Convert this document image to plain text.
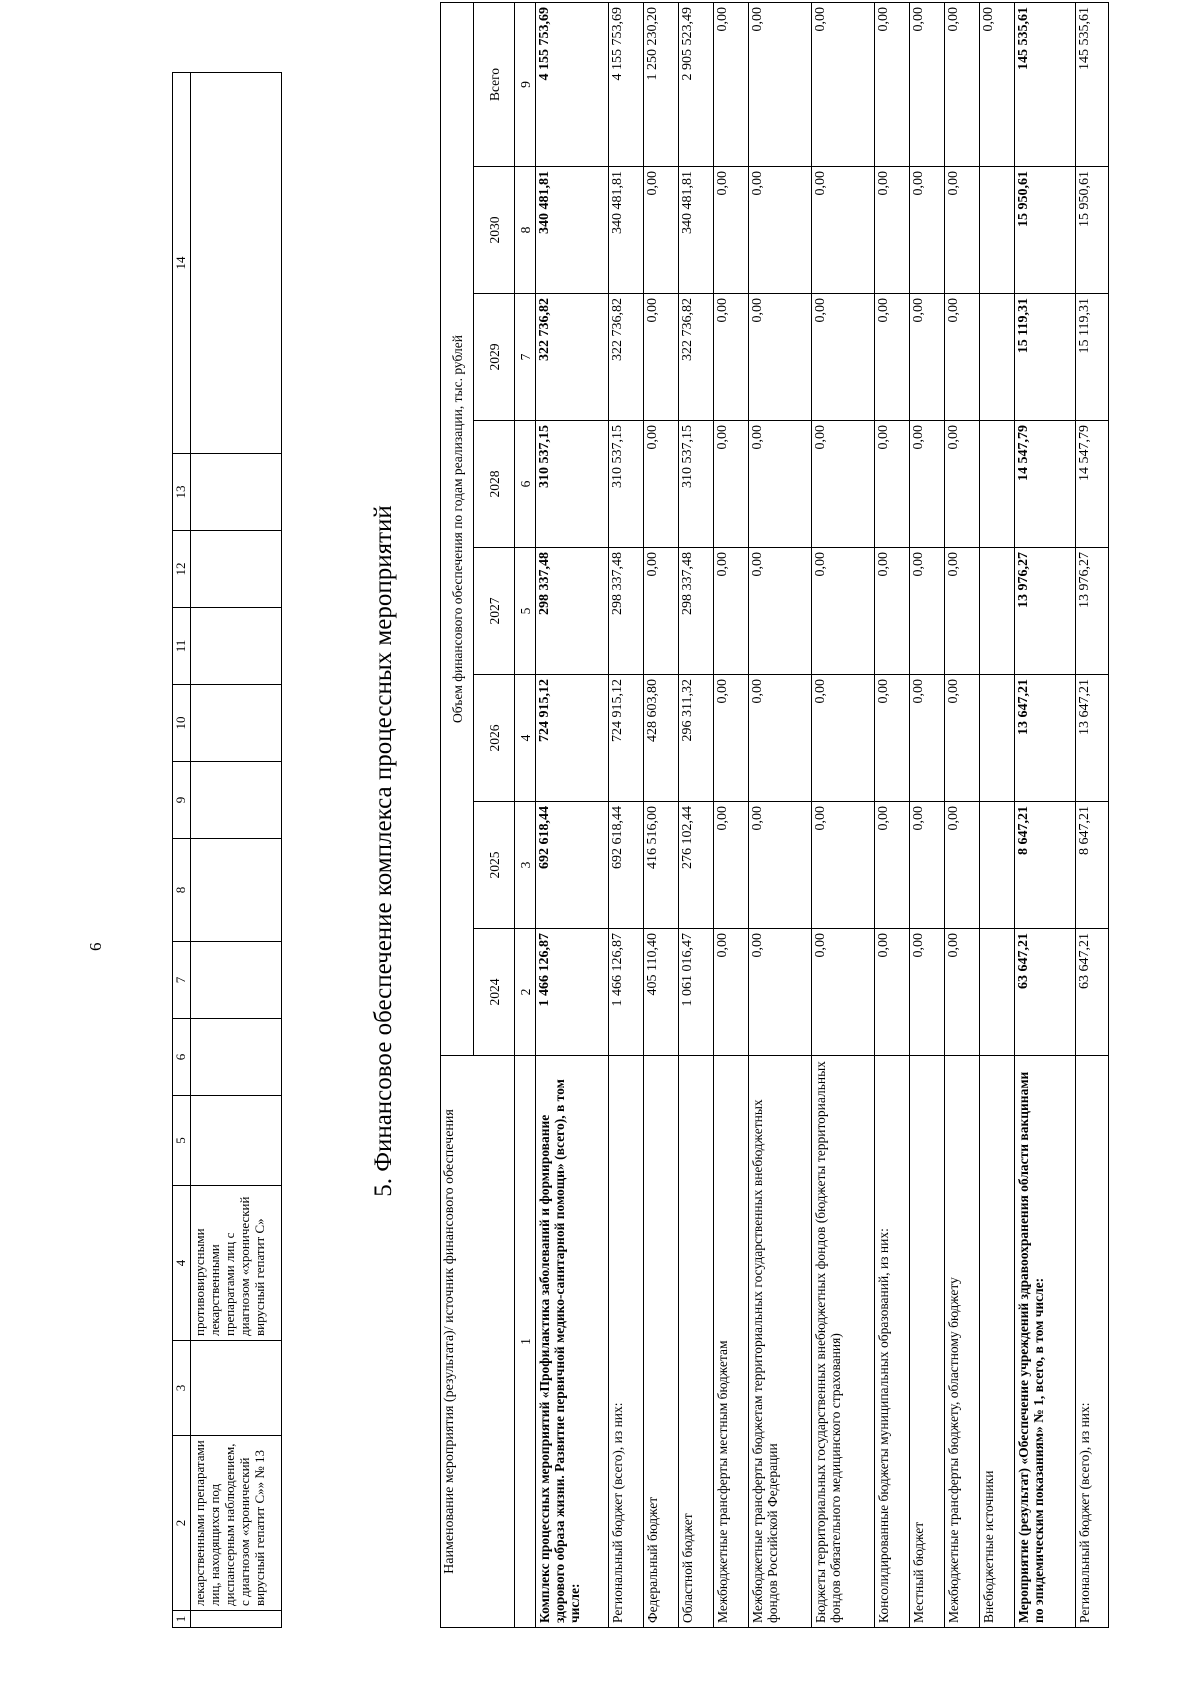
6
1	2	3	4	5	6	7	8	9	10	11	12	13	14
	лекарственными препаратами лиц, находящихся под диспансерным наблюдением, с диагнозом «хронический вирусный гепатит С»» № 13		противовирусными лекарственными препаратами лиц с диагнозом «хронический вирусный гепатит С»										
5. Финансовое обеспечение комплекса процессных мероприятий
Наименование мероприятия (результата)/ источник финансового обеспечения	Объем финансового обеспечения по годам реализации, тыс. рублей							
	2024	2025	2026	2027	2028	2029	2030	Всего
1	2	3	4	5	6	7	8	9
Комплекс процессных мероприятий «Профилактика заболеваний и формирование здорового образа жизни. Развитие первичной медико-санитарной помощи» (всего), в том числе:	1 466 126,87	692 618,44	724 915,12	298 337,48	310 537,15	322 736,82	340 481,81	4 155 753,69
Региональный бюджет (всего), из них:	1 466 126,87	692 618,44	724 915,12	298 337,48	310 537,15	322 736,82	340 481,81	4 155 753,69
Федеральный бюджет	405 110,40	416 516,00	428 603,80	0,00	0,00	0,00	0,00	1 250 230,20
Областной бюджет	1 061 016,47	276 102,44	296 311,32	298 337,48	310 537,15	322 736,82	340 481,81	2 905 523,49
Межбюджетные трансферты местным бюджетам	0,00	0,00	0,00	0,00	0,00	0,00	0,00	0,00
Межбюджетные трансферты бюджетам территориальных государственных внебюджетных фондов Российской Федерации	0,00	0,00	0,00	0,00	0,00	0,00	0,00	0,00
Бюджеты территориальных государственных внебюджетных фондов (бюджеты территориальных фондов обязательного медицинского страхования)	0,00	0,00	0,00	0,00	0,00	0,00	0,00	0,00
Консолидированные бюджеты муниципальных образований, из них:	0,00	0,00	0,00	0,00	0,00	0,00	0,00	0,00
Местный бюджет	0,00	0,00	0,00	0,00	0,00	0,00	0,00	0,00
Межбюджетные трансферты бюджету, областному бюджету	0,00	0,00	0,00	0,00	0,00	0,00	0,00	0,00
Внебюджетные источники								0,00
Мероприятие (результат) «Обеспечение учреждений здравоохранения области вакцинами по эпидемическим показаниям» № 1, всего, в том числе:	63 647,21	8 647,21	13 647,21	13 976,27	14 547,79	15 119,31	15 950,61	145 535,61
Региональный бюджет (всего), из них:	63 647,21	8 647,21	13 647,21	13 976,27	14 547,79	15 119,31	15 950,61	145 535,61
